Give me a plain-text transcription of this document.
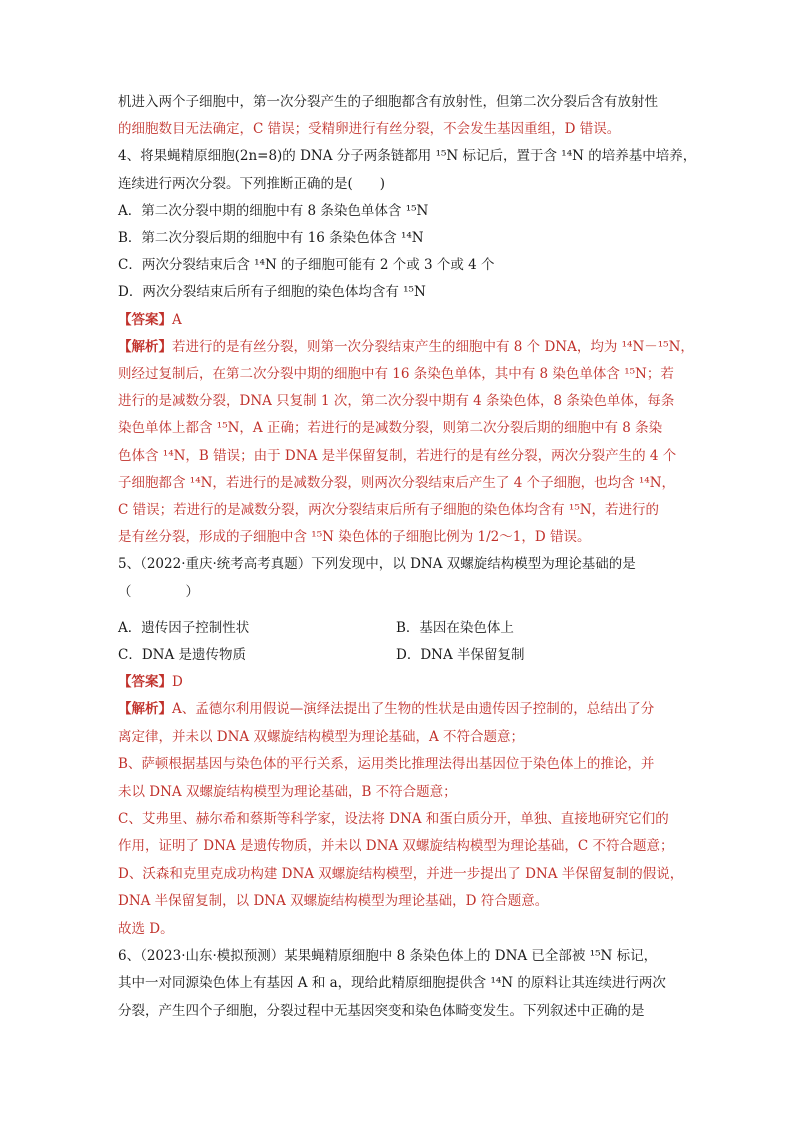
机进入两个子细胞中，第一次分裂产生的子细胞都含有放射性，但第二次分裂后含有放射性
的细胞数目无法确定，C 错误；受精卵进行有丝分裂，不会发生基因重组，D 错误。
4、将果蝇精原细胞(2n=8)的 DNA 分子两条链都用 ¹⁵N 标记后，置于含 ¹⁴N 的培养基中培养，
连续进行两次分裂。下列推断正确的是(　　)
A．第二次分裂中期的细胞中有 8 条染色单体含 ¹⁵N
B．第二次分裂后期的细胞中有 16 条染色体含 ¹⁴N
C．两次分裂结束后含 ¹⁴N 的子细胞可能有 2 个或 3 个或 4 个
D．两次分裂结束后所有子细胞的染色体均含有 ¹⁵N
【答案】A
【解析】若进行的是有丝分裂，则第一次分裂结束产生的细胞中有 8 个 DNA，均为 ¹⁴N－¹⁵N，
则经过复制后，在第二次分裂中期的细胞中有 16 条染色单体，其中有 8 染色单体含 ¹⁵N；若
进行的是减数分裂，DNA 只复制 1 次，第二次分裂中期有 4 条染色体，8 条染色单体，每条
染色单体上都含 ¹⁵N，A 正确；若进行的是减数分裂，则第二次分裂后期的细胞中有 8 条染
色体含 ¹⁴N，B 错误；由于 DNA 是半保留复制，若进行的是有丝分裂，两次分裂产生的 4 个
子细胞都含 ¹⁴N，若进行的是减数分裂，则两次分裂结束后产生了 4 个子细胞，也均含 ¹⁴N，
C 错误；若进行的是减数分裂，两次分裂结束后所有子细胞的染色体均含有 ¹⁵N，若进行的
是有丝分裂，形成的子细胞中含 ¹⁵N 染色体的子细胞比例为 1/2～1，D 错误。
5、（2022·重庆·统考高考真题）下列发现中，以 DNA 双螺旋结构模型为理论基础的是
（　　　　）
A．遗传因子控制性状	B．基因在染色体上
C．DNA 是遗传物质	D．DNA 半保留复制
【答案】D
【解析】A、孟德尔利用假说—演绎法提出了生物的性状是由遗传因子控制的，总结出了分
离定律，并未以 DNA 双螺旋结构模型为理论基础，A 不符合题意；
B、萨顿根据基因与染色体的平行关系，运用类比推理法得出基因位于染色体上的推论，并
未以 DNA 双螺旋结构模型为理论基础，B 不符合题意；
C、艾弗里、赫尔希和蔡斯等科学家，设法将 DNA 和蛋白质分开，单独、直接地研究它们的
作用，证明了 DNA 是遗传物质，并未以 DNA 双螺旋结构模型为理论基础，C 不符合题意；
D、沃森和克里克成功构建 DNA 双螺旋结构模型，并进一步提出了 DNA 半保留复制的假说，
DNA 半保留复制，以 DNA 双螺旋结构模型为理论基础，D 符合题意。
故选 D。
6、（2023·山东·模拟预测）某果蝇精原细胞中 8 条染色体上的 DNA 已全部被 ¹⁵N 标记，
其中一对同源染色体上有基因 A 和 a，现给此精原细胞提供含 ¹⁴N 的原料让其连续进行两次
分裂，产生四个子细胞，分裂过程中无基因突变和染色体畸变发生。下列叙述中正确的是
